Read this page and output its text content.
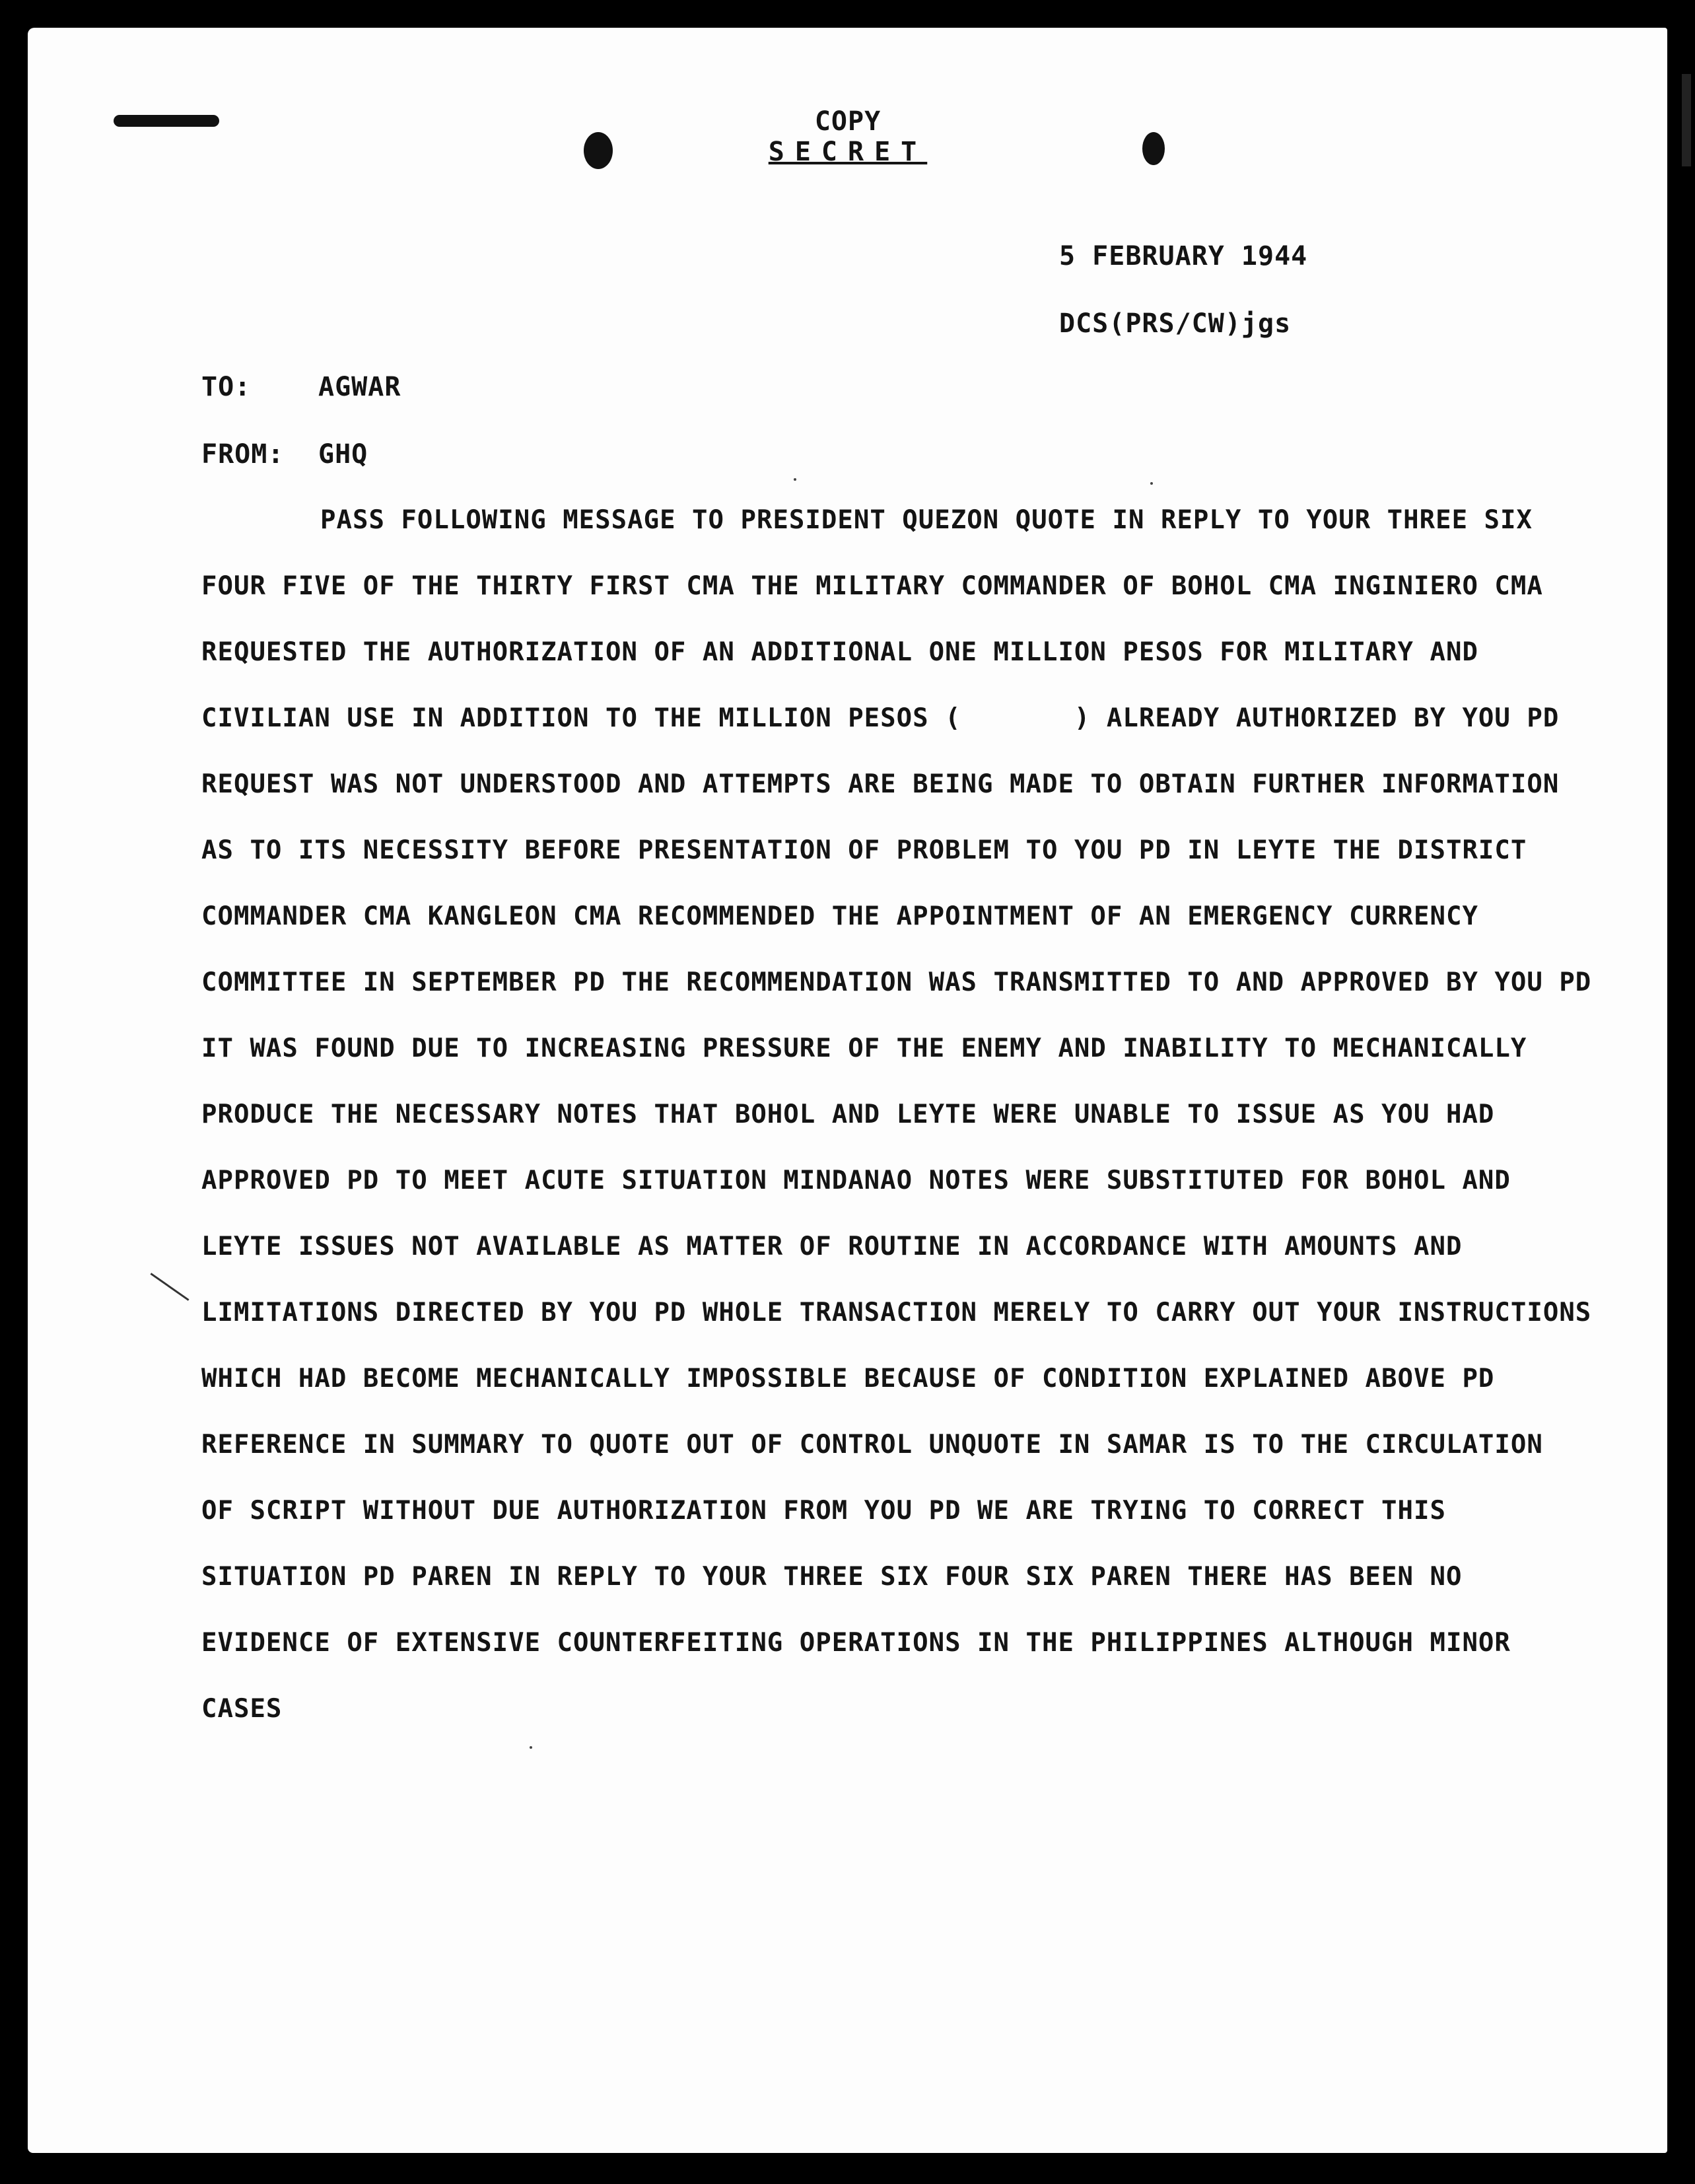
COPY
SECRET
5 FEBRUARY 1944
DCS(PRS/CW)jgs
TO:	AGWAR
FROM: GHQ
PASS FOLLOWING MESSAGE TO PRESIDENT QUEZON QUOTE IN REPLY TO YOUR THREE SIX
FOUR FIVE OF THE THIRTY FIRST CMA THE MILITARY COMMANDER OF BOHOL CMA INGINIERO CMA
REQUESTED THE AUTHORIZATION OF AN ADDITIONAL ONE MILLION PESOS FOR MILITARY AND
CIVILIAN USE IN ADDITION TO THE MILLION PESOS (       ) ALREADY AUTHORIZED BY YOU PD
REQUEST WAS NOT UNDERSTOOD AND ATTEMPTS ARE BEING MADE TO OBTAIN FURTHER INFORMATION
AS TO ITS NECESSITY BEFORE PRESENTATION OF PROBLEM TO YOU PD IN LEYTE THE DISTRICT
COMMANDER CMA KANGLEON CMA RECOMMENDED THE APPOINTMENT OF AN EMERGENCY CURRENCY
COMMITTEE IN SEPTEMBER PD THE RECOMMENDATION WAS TRANSMITTED TO AND APPROVED BY YOU PD
IT WAS FOUND DUE TO INCREASING PRESSURE OF THE ENEMY AND INABILITY TO MECHANICALLY
PRODUCE THE NECESSARY NOTES THAT BOHOL AND LEYTE WERE UNABLE TO ISSUE AS YOU HAD
APPROVED PD TO MEET ACUTE SITUATION MINDANAO NOTES WERE SUBSTITUTED FOR BOHOL AND
LEYTE ISSUES NOT AVAILABLE AS MATTER OF ROUTINE IN ACCORDANCE WITH AMOUNTS AND
LIMITATIONS DIRECTED BY YOU PD WHOLE TRANSACTION MERELY TO CARRY OUT YOUR INSTRUCTIONS
WHICH HAD BECOME MECHANICALLY IMPOSSIBLE BECAUSE OF CONDITION EXPLAINED ABOVE PD
REFERENCE IN SUMMARY TO QUOTE OUT OF CONTROL UNQUOTE IN SAMAR IS TO THE CIRCULATION
OF SCRIPT WITHOUT DUE AUTHORIZATION FROM YOU PD WE ARE TRYING TO CORRECT THIS
SITUATION PD PAREN IN REPLY TO YOUR THREE SIX FOUR SIX PAREN THERE HAS BEEN NO
EVIDENCE OF EXTENSIVE COUNTERFEITING OPERATIONS IN THE PHILIPPINES ALTHOUGH MINOR
CASES
